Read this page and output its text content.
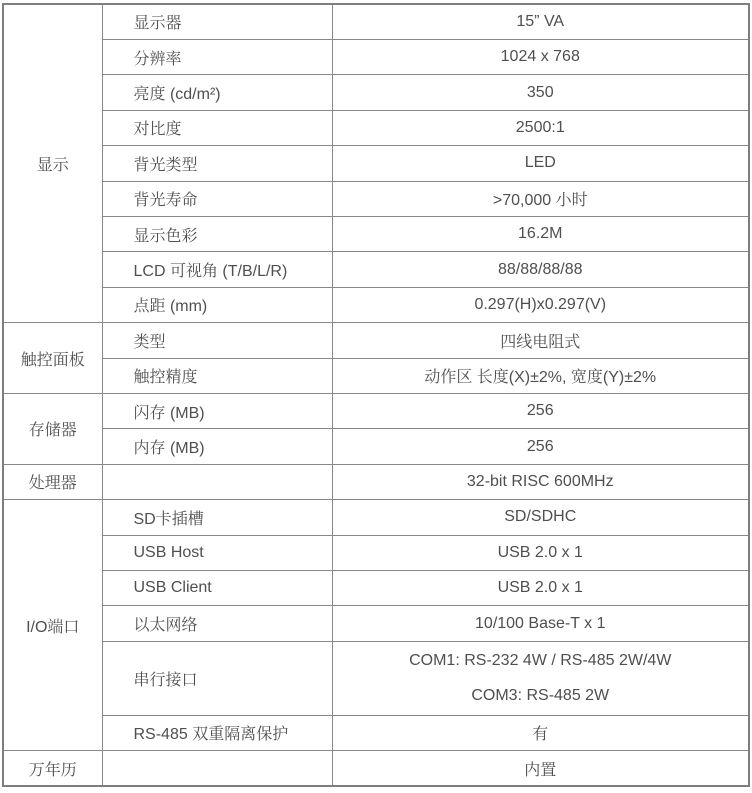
显示	显示器	15” VA
	分辨率	1024 x 768
	亮度 (cd/m²)	350
	对比度	2500:1
	背光类型	LED
	背光寿命	>70,000 小时
	显示色彩	16.2M
	LCD 可视角 (T/B/L/R)	88/88/88/88
	点距 (mm)	0.297(H)x0.297(V)
触控面板	类型	四线电阻式
	触控精度	动作区 长度(X)±2%, 宽度(Y)±2%
存储器	闪存 (MB)	256
	内存 (MB)	256
处理器		32-bit RISC 600MHz
I/O端口	SD卡插槽	SD/SDHC
	USB Host	USB 2.0 x 1
	USB Client	USB 2.0 x 1
	以太网络	10/100 Base-T x 1
	串行接口	COM1: RS-232 4W / RS-485 2W/4W
COM3: RS-485 2W

	RS-485 双重隔离保护	有
万年历		内置
